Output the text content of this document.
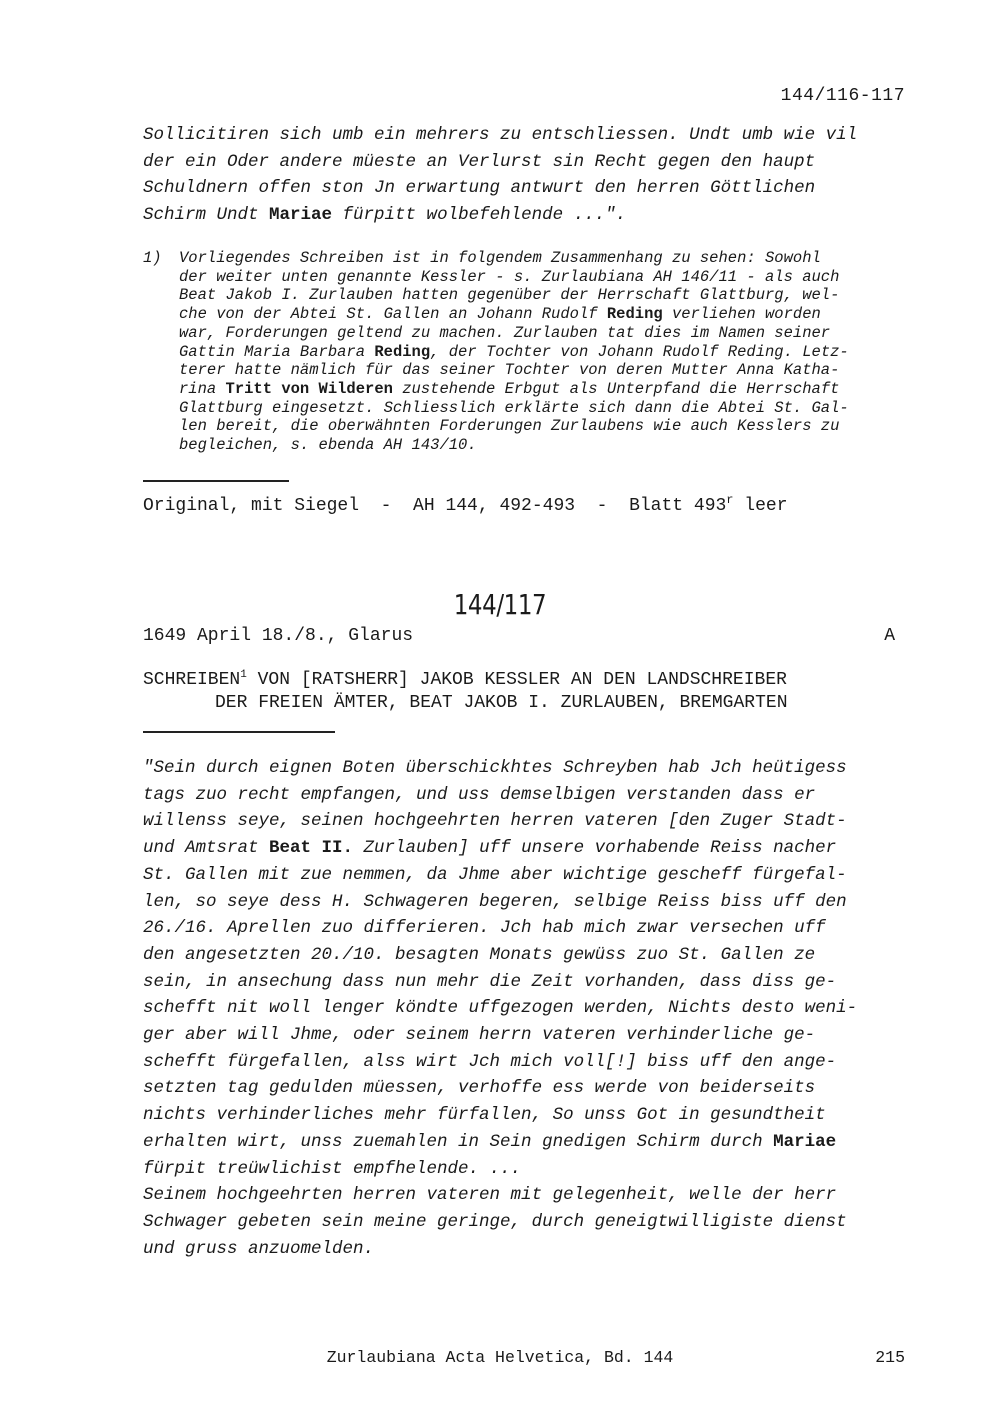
144/116-117

Sollicitiren sich umb ein mehrers zu entschliessen. Undt umb wie vil

der ein Oder andere müeste an Verlurst sin Recht gegen den haupt

Schuldnern offen ston Jn erwartung antwurt den herren Göttlichen

Schirm Undt Mariae fürpitt wolbefehlende ...".

1) Vorliegendes Schreiben ist in folgendem Zusammenhang zu sehen: Sowohl

der weiter unten genannte Kessler - s. Zurlaubiana AH 146/11 - als auch

Beat Jakob I. Zurlauben hatten gegenüber der Herrschaft Glattburg, wel-

che von der Abtei St. Gallen an Johann Rudolf Reding verliehen worden

war, Forderungen geltend zu machen. Zurlauben tat dies im Namen seiner

Gattin Maria Barbara Reding, der Tochter von Johann Rudolf Reding. Letz-

terer hatte nämlich für das seiner Tochter von deren Mutter Anna Katha-

rina Tritt von Wilderen zustehende Erbgut als Unterpfand die Herrschaft

Glattburg eingesetzt. Schliesslich erklärte sich dann die Abtei St. Gal-

len bereit, die oberwähnten Forderungen Zurlaubens wie auch Kesslers zu

begleichen, s. ebenda AH 143/10.

Original, mit Siegel  -  AH 144, 492-493  -  Blatt 493$^r$ leer
144/117
1649 April 18./8., Glarus	A

SCHREIBEN$^1$ VON [RATSHERR] JAKOB KESSLER AN DEN LANDSCHREIBER

DER FREIEN ÄMTER, BEAT JAKOB I. ZURLAUBEN, BREMGARTEN

"Sein durch eignen Boten überschickhtes Schreyben hab Jch heütigess

tags zuo recht empfangen, und uss demselbigen verstanden dass er

willenss seye, seinen hochgeehrten herren vateren [den Zuger Stadt-

und Amtsrat Beat II. Zurlauben] uff unsere vorhabende Reiss nacher

St. Gallen mit zue nemmen, da Jhme aber wichtige gescheff fürgefal-

len, so seye dess H. Schwageren begeren, selbige Reiss biss uff den

26./16. Aprellen zuo differieren. Jch hab mich zwar versechen uff

den angesetzten 20./10. besagten Monats gewüss zuo St. Gallen ze

sein, in ansechung dass nun mehr die Zeit vorhanden, dass diss ge-

schefft nit woll lenger köndte uffgezogen werden, Nichts desto weni-

ger aber will Jhme, oder seinem herrn vateren verhinderliche ge-

schefft fürgefallen, alss wirt Jch mich voll[!] biss uff den ange-

setzten tag gedulden müessen, verhoffe ess werde von beiderseits

nichts verhinderliches mehr fürfallen, So unss Got in gesundtheit

erhalten wirt, unss zuemahlen in Sein gnedigen Schirm durch Mariae

fürpit treüwlichist empfhelende. ...

Seinem hochgeehrten herren vateren mit gelegenheit, welle der herr

Schwager gebeten sein meine geringe, durch geneigtwilligiste dienst

und gruss anzuomelden.

Zurlaubiana Acta Helvetica, Bd. 144	215
